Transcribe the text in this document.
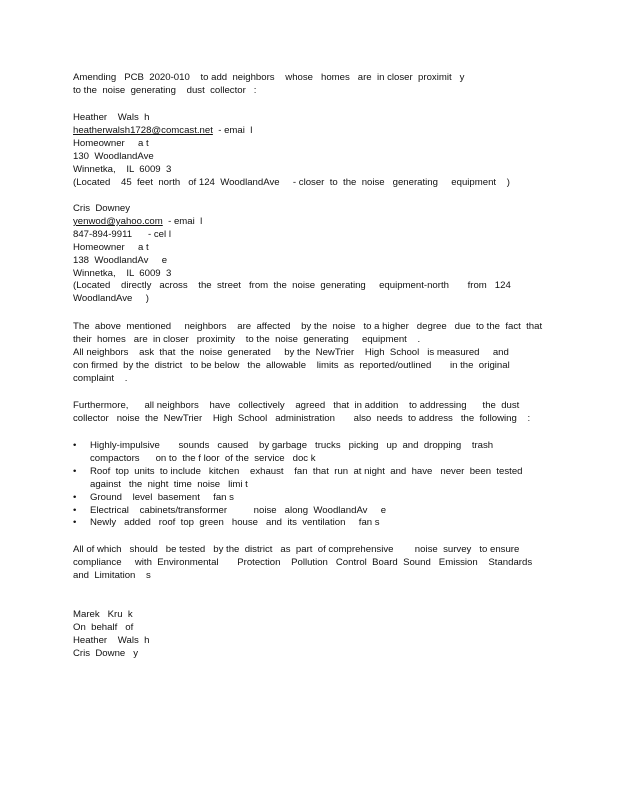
Amending   PCB  2020-010    to add  neighbors    whose   homes   are  in closer  proximit   y
to the  noise  generating    dust  collector   :
Heather    Wals  h
heatherwalsh1728@comcast.net  - emai  l
Homeowner     a t
130  WoodlandAve
Winnetka,    IL  6009  3
(Located    45  feet  north   of 124  WoodlandAve     - closer  to  the  noise   generating     equipment    )
Cris  Downey
yenwod@yahoo.com  - emai  l
847-894-9911      - cel l
Homeowner     a t
138  WoodlandAv     e
Winnetka,    IL  6009  3
(Located    directly   across    the  street   from  the  noise  generating     equipment-north       from   124
WoodlandAve     )
The  above  mentioned     neighbors    are  affected    by the  noise   to a higher   degree   due  to the  fact  that
their  homes   are  in closer   proximity    to the  noise  generating     equipment    .
All neighbors    ask  that  the  noise  generated     by the  NewTrier    High  School   is measured     and
con firmed  by the  district   to be below   the  allowable    limits  as  reported/outlined       in the  original
complaint    .
Furthermore,      all neighbors    have   collectively    agreed   that  in addition    to addressing      the  dust
collector   noise  the  NewTrier    High  School   administration       also  needs  to address   the  following    :
• Highly-impulsive       sounds   caused    by garbage   trucks   picking   up  and  dropping    trash
compactors      on to  the f loor  of the  service   doc k
• Roof  top  units  to include   kitchen    exhaust    fan  that  run  at night  and  have   never  been  tested
against   the  night  time  noise   limi t
• Ground    level  basement     fan s
• Electrical    cabinets/transformer          noise   along  WoodlandAv     e
• Newly   added   roof  top  green   house   and  its  ventilation     fan s
All of which   should   be tested   by the  district   as  part  of comprehensive        noise  survey   to ensure
compliance     with  Environmental       Protection    Pollution   Control  Board  Sound   Emission    Standards
and  Limitation    s
Marek   Kru  k
On  behalf   of
Heather    Wals  h
Cris  Downe   y
